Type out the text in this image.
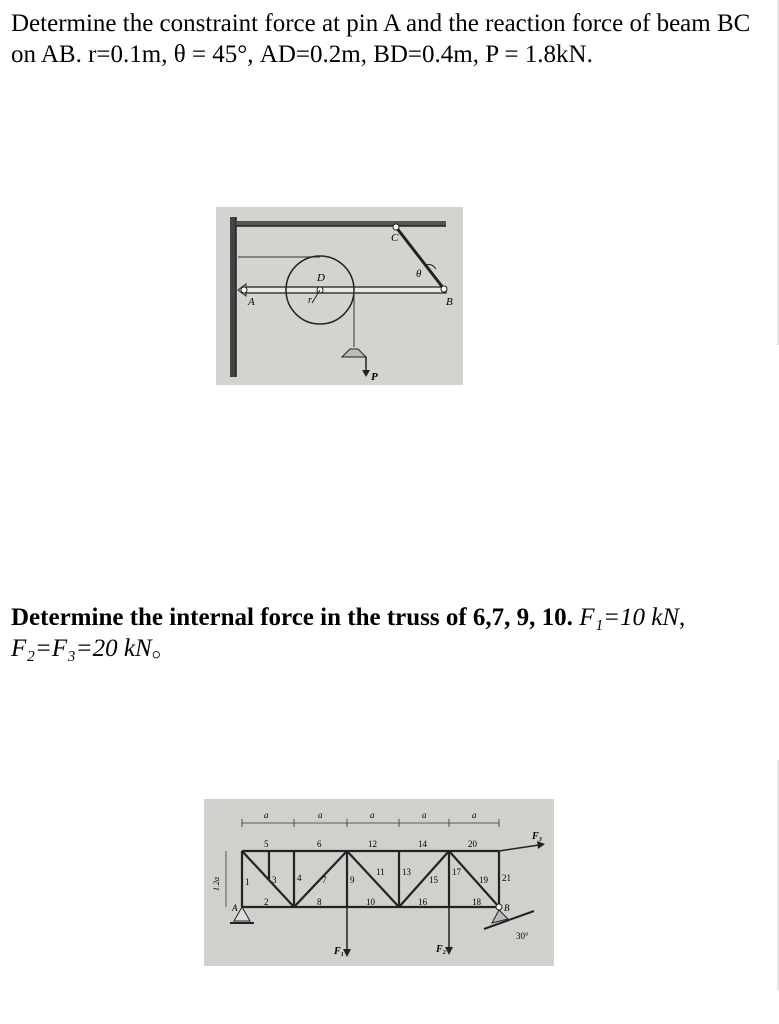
Determine the constraint force at pin A and the reaction force of beam BC on AB. r=0.1m, θ = 45°, AD=0.2m, BD=0.4m, P = 1.8kN.
A	B
C
D
r
θ
P
Determine the internal force in the truss of 6,7, 9, 10. F₁=10 kN,
F₂=F₃=20 kN。
a	a	a	a	a
1.2a
30°
F₁	F₂
F₃
A	B
1
2
3 4
5	6
7
8
9
10
11
12
13
14
15
16
17
18
19
20
21
